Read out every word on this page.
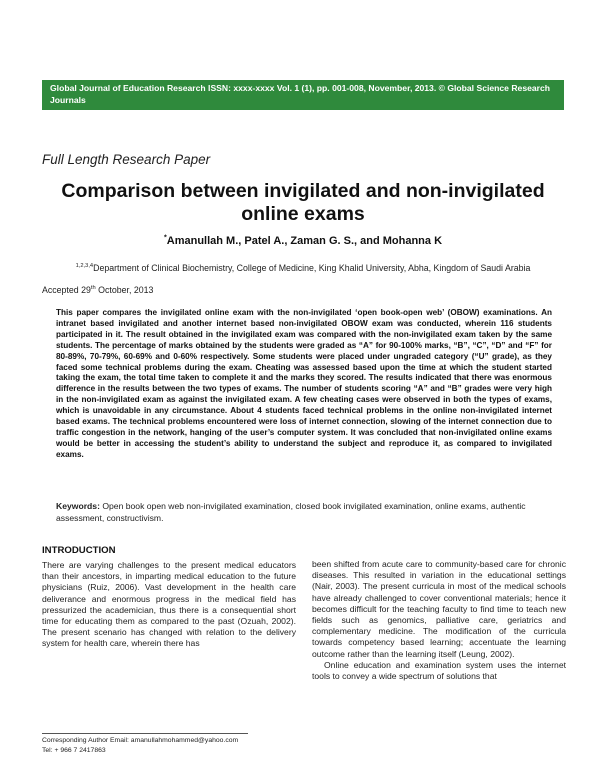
Global Journal of Education Research ISSN: xxxx-xxxx Vol. 1 (1), pp. 001-008, November, 2013. © Global Science Research Journals
Full Length Research Paper
Comparison between invigilated and non-invigilated online exams
*Amanullah M., Patel A., Zaman G. S., and Mohanna K
$^{1,2,3,4}$Department of Clinical Biochemistry, College of Medicine, King Khalid University, Abha, Kingdom of Saudi Arabia
Accepted 29th October, 2013
This paper compares the invigilated online exam with the non-invigilated ‘open book-open web’ (OBOW) examinations. An intranet based invigilated and another internet based non-invigilated OBOW exam was conducted, wherein 116 students participated in it. The result obtained in the invigilated exam was compared with the non-invigilated exam taken by the same students. The percentage of marks obtained by the students were graded as “A” for 90-100% marks, “B”, “C”, “D” and “F” for 80-89%, 70-79%, 60-69% and 0-60% respectively. Some students were placed under ungraded category (“U” grade), as they faced some technical problems during the exam. Cheating was assessed based upon the time at which the student started taking the exam, the total time taken to complete it and the marks they scored. The results indicated that there was enormous difference in the results between the two types of exams. The number of students scoring “A” and “B” grades were very high in the non-invigilated exam as against the invigilated exam. A few cheating cases were observed in both the types of exams, which is unavoidable in any circumstance. About 4 students faced technical problems in the online non-invigilated internet based exams. The technical problems encountered were loss of internet connection, slowing of the internet connection due to traffic congestion in the network, hanging of the user’s computer system. It was concluded that non-invigilated online exams would be better in accessing the student’s ability to understand the subject and reproduce it, as compared to invigilated exams.
Keywords: Open book open web non-invigilated examination, closed book invigilated examination, online exams, authentic assessment, constructivism.
INTRODUCTION
There are varying challenges to the present medical educators than their ancestors, in imparting medical education to the future physicians (Ruiz, 2006). Vast development in the health care deliverance and enormous progress in the medical field has pressurized the academician, thus there is a consequential short time for educating them as compared to the past (Ozuah, 2002). The present scenario has changed with relation to the delivery system for health care, wherein there has
been shifted from acute care to community-based care for chronic diseases. This resulted in variation in the educational settings (Nair, 2003). The present curricula in most of the medical schools have already challenged to cover conventional materials; hence it becomes difficult for the teaching faculty to find time to teach new fields such as genomics, palliative care, geriatrics and complementary medicine. The modification of the curricula towards competency based learning; accentuate the learning outcome rather than the learning itself (Leung, 2002).
Online education and examination system uses the internet tools to convey a wide spectrum of solutions that
Corresponding Author Email: amanullahmohammed@yahoo.com
Tel: + 966 7 2417863
